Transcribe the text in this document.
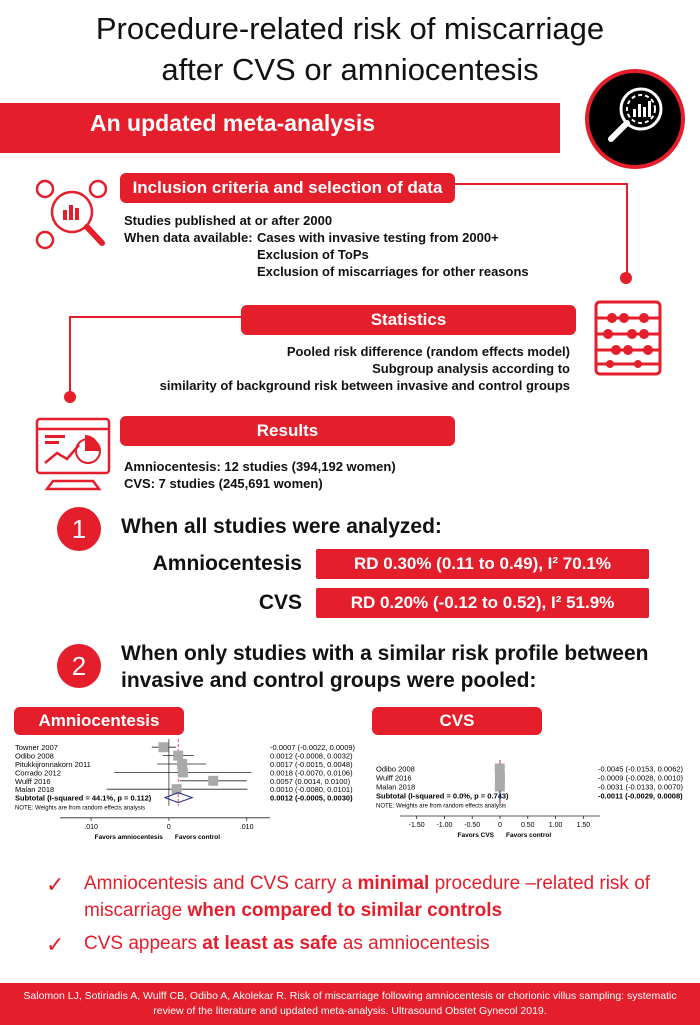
Procedure-related risk of miscarriage
after CVS or amniocentesis
An updated meta-analysis
Inclusion criteria and selection of data
Studies published at or after 2000
When data available: Cases with invasive testing from 2000+
Exclusion of ToPs
Exclusion of miscarriages for other reasons
Statistics
Pooled risk difference (random effects model)
Subgroup analysis according to
similarity of background risk between invasive and control groups
Results
Amniocentesis: 12 studies (394,192 women)
CVS: 7 studies (245,691 women)
1	When all studies were analyzed:
Amniocentesis	RD 0.30% (0.11 to 0.49), I² 70.1%
CVS	RD 0.20% (-0.12 to 0.52), I² 51.9%
2	When only studies with a similar risk profile between
invasive and control groups were pooled:
Amniocentesis	CVS
Towner 2007	-0.0007 (-0.0022, 0.0009)
Odibo 2008	0.0012 (-0.0008, 0.0032)
Pitukkijronnakorn 2011	0.0017 (-0.0015, 0.0048)
Corrado 2012	0.0018 (-0.0070, 0.0106)
Wulff 2016	0.0057 (0.0014, 0.0100)
Malan 2018	0.0010 (-0.0080, 0.0101)
Subtotal (I-squared = 44.1%, p = 0.112)	0.0012 (-0.0005, 0.0030)
NOTE: Weights are from random effects analysis
.010	0	.010
Favors amniocentesis Favors control
Odibo 2008	-0.0045 (-0.0153, 0.0062)
Wulff 2016	-0.0009 (-0.0028, 0.0010)
Malan 2018	-0.0031 (-0.0133, 0.0070)
Subtotal (I-squared = 0.0%, p = 0.743)	-0.0011 (-0.0029, 0.0008)
NOTE: Weights are from random effects analysis
-1.50 -1.00 -0.50	0	0.50 1.00 1.50
Favors CVS Favors control
✓ Amniocentesis and CVS carry a minimal procedure –related risk of
miscarriage when compared to similar controls
✓ CVS appears at least as safe as amniocentesis
Salomon LJ, Sotiriadis A, Wulff CB, Odibo A, Akolekar R. Risk of miscarriage following amniocentesis or chorionic villus sampling: systematic
review of the literature and updated meta-analysis. Ultrasound Obstet Gynecol 2019.
